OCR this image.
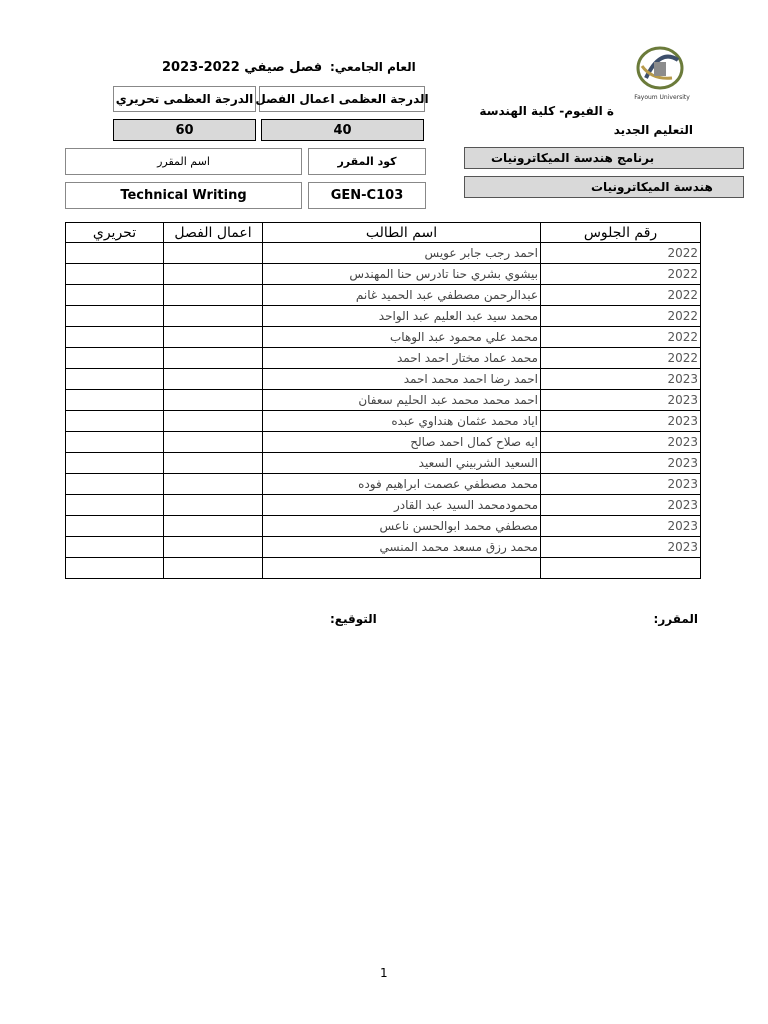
Fayoum University
فصل صيفي 2022-2023 العام الجامعي:
الدرجة العظمى تحريري الدرجة العظمى اعمال الفصل
60	40
ة الفيوم- كلية الهندسة
التعليم الجديد
اسم المقرر	كود المقرر
Technical Writing	GEN-C103
برنامج هندسة الميكاترونيات
هندسة الميكاترونيات
تحريري	اعمال الفصل	اسم الطالب	رقم الجلوس
		احمد رجب جابر عويس	2022
		بيشوي بشري حنا تادرس حنا المهندس	2022
		عبدالرحمن مصطفي عبد الحميد غانم	2022
		محمد سيد عبد العليم عبد الواحد	2022
		محمد علي محمود عبد الوهاب	2022
		محمد عماد مختار احمد احمد	2022
		احمد رضا احمد محمد احمد	2023
		احمد محمد محمد عبد الحليم سعفان	2023
		اياد محمد عثمان هنداوي عبده	2023
		ايه صلاح كمال احمد صالح	2023
		السعيد الشربيني السعيد	2023
		محمد مصطفي عصمت ابراهيم فوده	2023
		محمودمحمد السيد عبد القادر	2023
		مصطفي محمد ابوالحسن ناعس	2023
		محمد رزق مسعد محمد المنسي	2023

التوقيع:	المقرر:
1
